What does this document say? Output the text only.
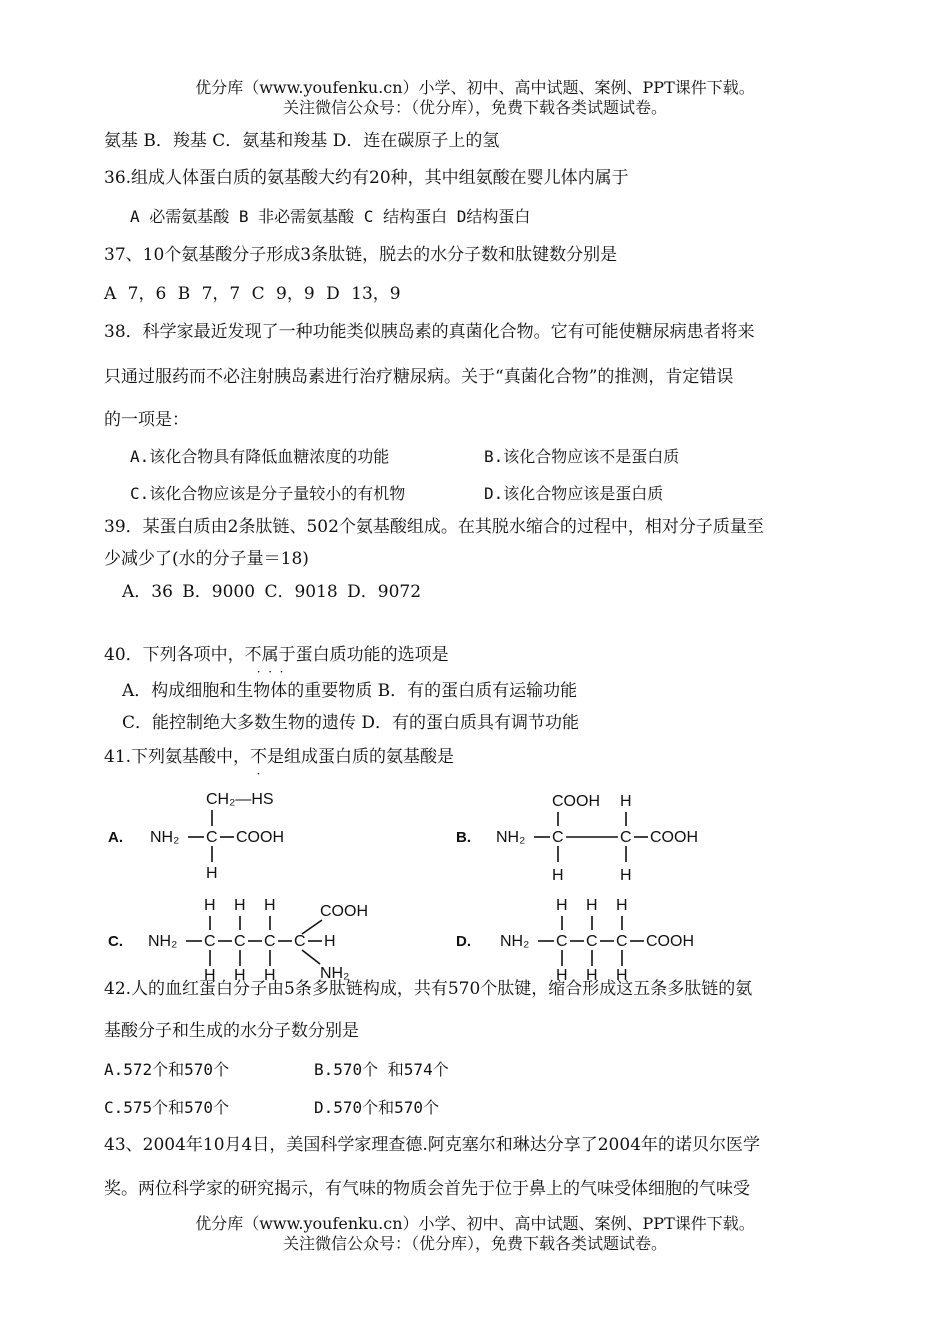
优分库（www.youfenku.cn）小学、初中、高中试题、案例、PPT课件下载。
关注微信公众号：（优分库），免费下载各类试题试卷。
氨基 B．羧基 C．氨基和羧基 D．连在碳原子上的氢
36.组成人体蛋白质的氨基酸大约有20种，其中组氨酸在婴儿体内属于
A 必需氨基酸 B 非必需氨基酸 C 结构蛋白 D结构蛋白
37、10个氨基酸分子形成3条肽链，脱去的水分子数和肽键数分别是
A 7，6 B 7，7 C 9，9 D 13，9
38．科学家最近发现了一种功能类似胰岛素的真菌化合物。它有可能使糖尿病患者将来
只通过服药而不必注射胰岛素进行治疗糖尿病。关于“真菌化合物”的推测，肯定错误
的一项是：
A.该化合物具有降低血糖浓度的功能	B.该化合物应该不是蛋白质
C.该化合物应该是分子量较小的有机物	D.该化合物应该是蛋白质
39．某蛋白质由2条肽链、502个氨基酸组成。在其脱水缩合的过程中，相对分子质量至
少减少了(水的分子量＝18)
A．36 B．9000 C．9018 D．9072
40．下列各项中，不属于
·  ·  ·
蛋白质功能的选项是
A．构成细胞和生物体的重要物质 B．有的蛋白质有运输功能
C．能控制绝大多数生物的遗传 D．有的蛋白质具有调节功能
41.下列氨基酸中，不
·
是组成蛋白质的氨基酸是
A.
CH₂—HS
NH₂ C COOH
H
B.
COOH H
NH₂ C	C COOH
H	H
C.
H H H	COOH
NH₂ C C C C H
H H H	NH₂
D.
H H H
NH₂ C C C COOH
H H H
42.人的血红蛋白分子由5条多肽链构成，共有570个肽键，缩合形成这五条多肽链的氨
基酸分子和生成的水分子数分别是
A.572个和570个	B.570个 和574个
C.575个和570个	D.570个和570个
43、2004年10月4日，美国科学家理查德.阿克塞尔和琳达分享了2004年的诺贝尔医学
奖。两位科学家的研究揭示，有气味的物质会首先于位于鼻上的气味受体细胞的气味受
优分库（www.youfenku.cn）小学、初中、高中试题、案例、PPT课件下载。
关注微信公众号：（优分库），免费下载各类试题试卷。
